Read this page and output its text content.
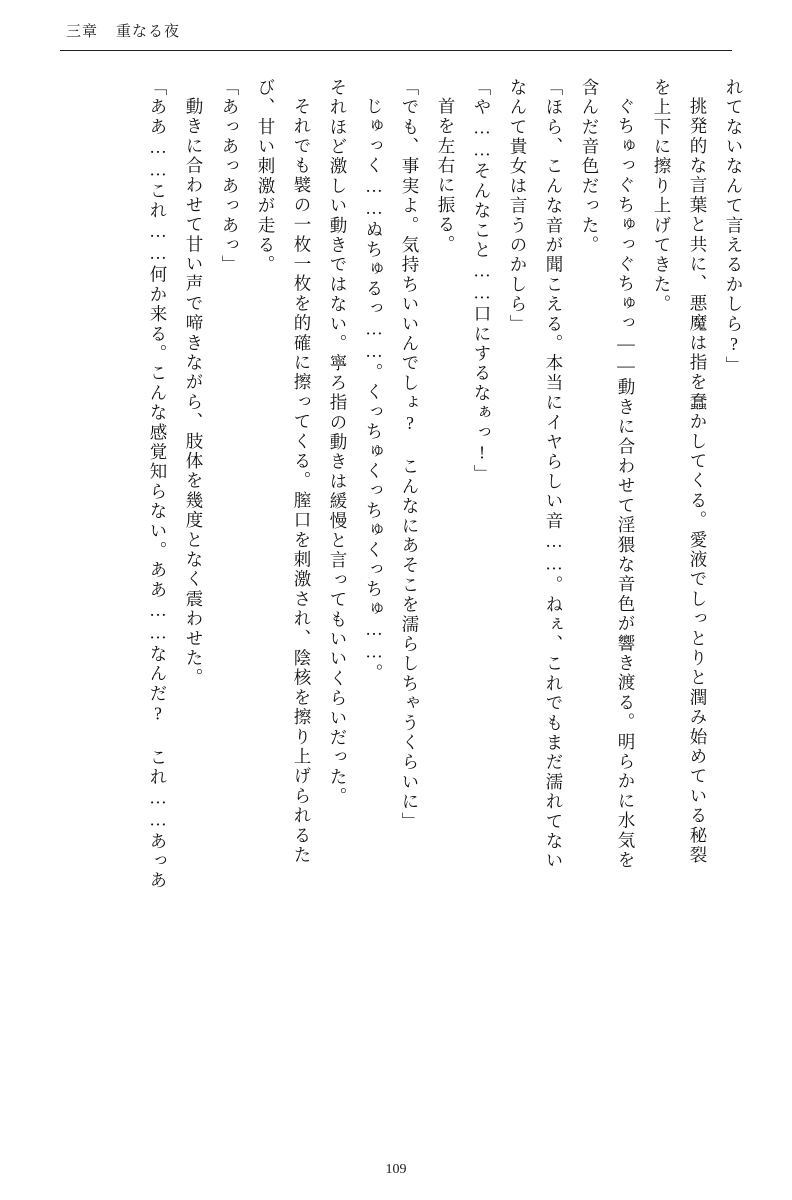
三章 重なる夜
れてないなんて言えるかしら?」
挑発的な言葉と共に、悪魔は指を蠢かしてくる。愛液でしっとりと潤み始めている秘裂
を上下に擦り上げてきた。
ぐちゅっぐちゅっぐちゅっ——動きに合わせて淫猥な音色が響き渡る。明らかに水気を
含んだ音色だった。
「ほら、こんな音が聞こえる。本当にイヤらしい音……。ねぇ、これでもまだ濡れてない
なんて貴女は言うのかしら」
「や……そんなこと……口にするなぁっ!」
首を左右に振る。
「でも、事実よ。気持ちいいんでしょ? こんなにあそこを濡らしちゃうくらいに」
じゅっく……ぬちゅるっ……。くっちゅくっちゅくっちゅ……。
それほど激しい動きではない。寧ろ指の動きは緩慢と言ってもいいくらいだった。
それでも襞の一枚一枚を的確に擦ってくる。膣口を刺激され、陰核を擦り上げられるた
び、甘い刺激が走る。
「あっあっあっあっ」
動きに合わせて甘い声で啼きながら、肢体を幾度となく震わせた。
「ああ……これ……何か来る。こんな感覚知らない。ああ……なんだ? これ……あっあ
109
